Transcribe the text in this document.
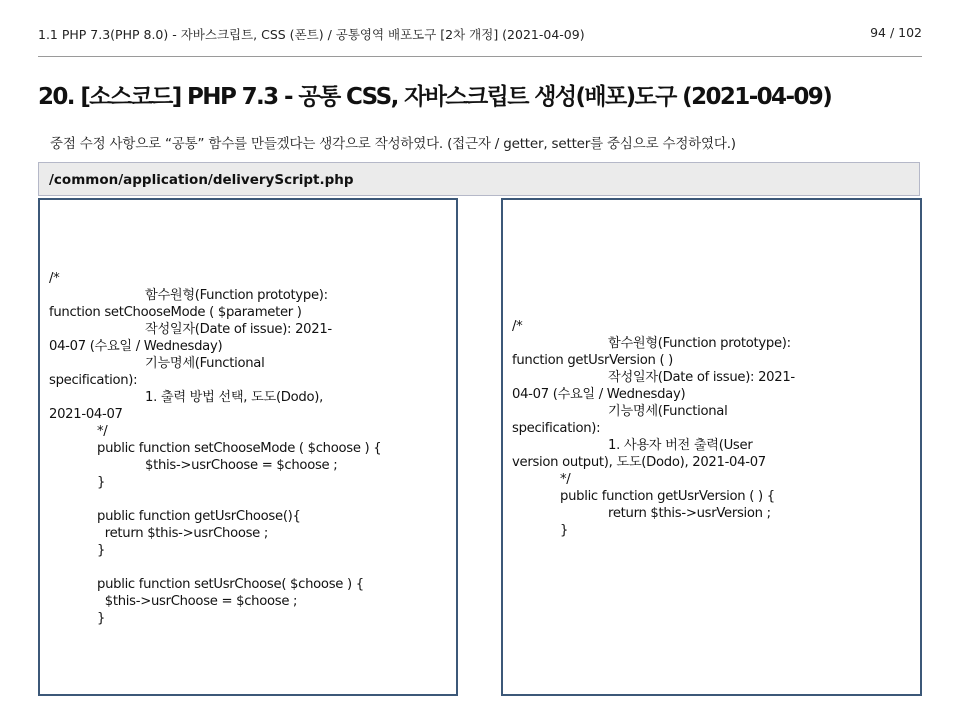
1.1 PHP 7.3(PHP 8.0) - 자바스크립트, CSS (폰트) / 공통영역 배포도구 [2차 개정] (2021-04-09)	94 / 102
20. [소스코드] PHP 7.3 - 공통 CSS, 자바스크립트 생성(배포)도구 (2021-04-09)
중점 수정 사항으로 “공통” 함수를 만들겠다는 생각으로 작성하였다. (접근자 / getter, setter를 중심으로 수정하였다.)
/common/application/deliveryScript.php
/*
함수원형(Function prototype):
function setChooseMode ( $parameter )
작성일자(Date of issue): 2021-
04-07 (수요일 / Wednesday)
기능명세(Functional
specification):
1. 출력 방법 선택, 도도(Dodo),
2021-04-07
*/
public function setChooseMode ( $choose ) {
$this->usrChoose = $choose ;
}
public function getUsrChoose(){
return $this->usrChoose ;
}
public function setUsrChoose( $choose ) {
$this->usrChoose = $choose ;
}
/*
함수원형(Function prototype):
function getUsrVersion ( )
작성일자(Date of issue): 2021-
04-07 (수요일 / Wednesday)
기능명세(Functional
specification):
1. 사용자 버전 출력(User
version output), 도도(Dodo), 2021-04-07
*/
public function getUsrVersion ( ) {
return $this->usrVersion ;
}
